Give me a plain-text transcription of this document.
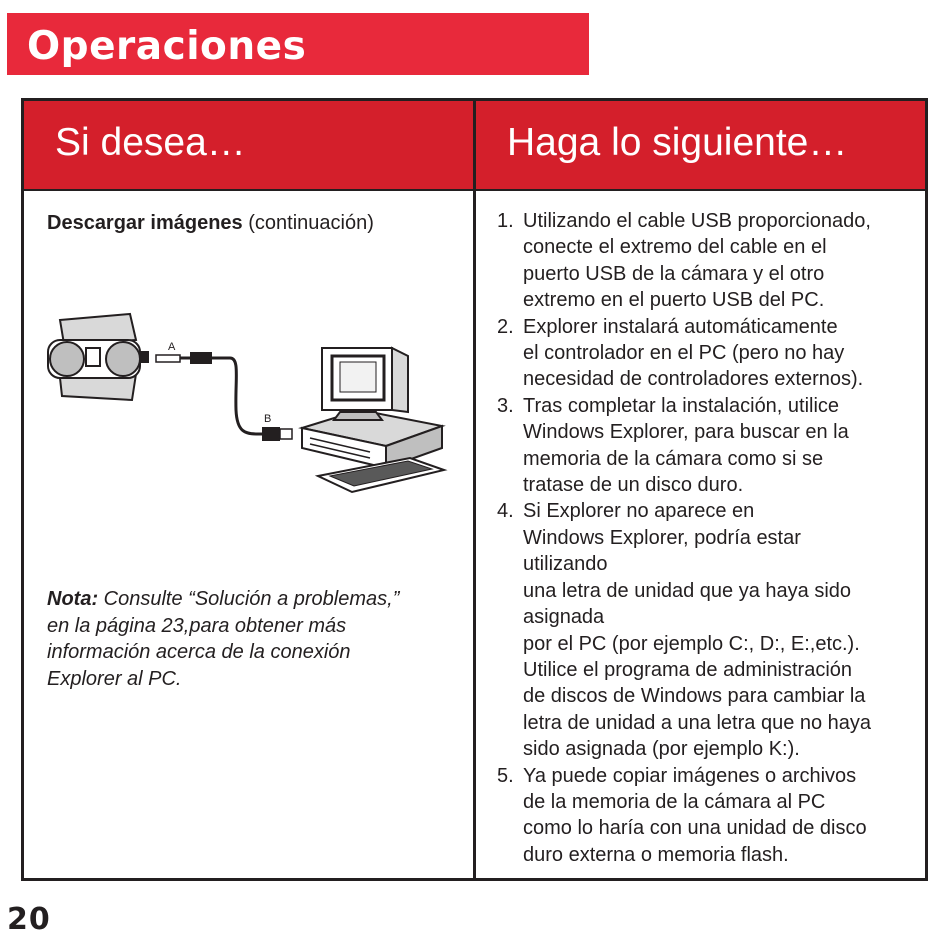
Operaciones
Si desea…	Haga lo siguiente…
Descargar imágenes (continuación)
A
B
Nota: Consulte “Solución a problemas,”
en la página 23,para obtener más
información acerca de la conexión
Explorer al PC.
1. Utilizando el cable USB proporcionado,
conecte el extremo del cable en el
puerto USB de la cámara y el otro
extremo en el puerto USB del PC.
2. Explorer instalará automáticamente
el controlador en el PC (pero no hay
necesidad de controladores externos).
3. Tras completar la instalación, utilice
Windows Explorer, para buscar en la
memoria de la cámara como si se
tratase de un disco duro.
4. Si Explorer no aparece en
Windows Explorer, podría estar
utilizando
una letra de unidad que ya haya sido
asignada
por el PC (por ejemplo C:, D:, E:,etc.).
Utilice el programa de administración
de discos de Windows para cambiar la
letra de unidad a una letra que no haya
sido asignada (por ejemplo K:).
5. Ya puede copiar imágenes o archivos
de la memoria de la cámara al PC
como lo haría con una unidad de disco
duro externa o memoria flash.
20
